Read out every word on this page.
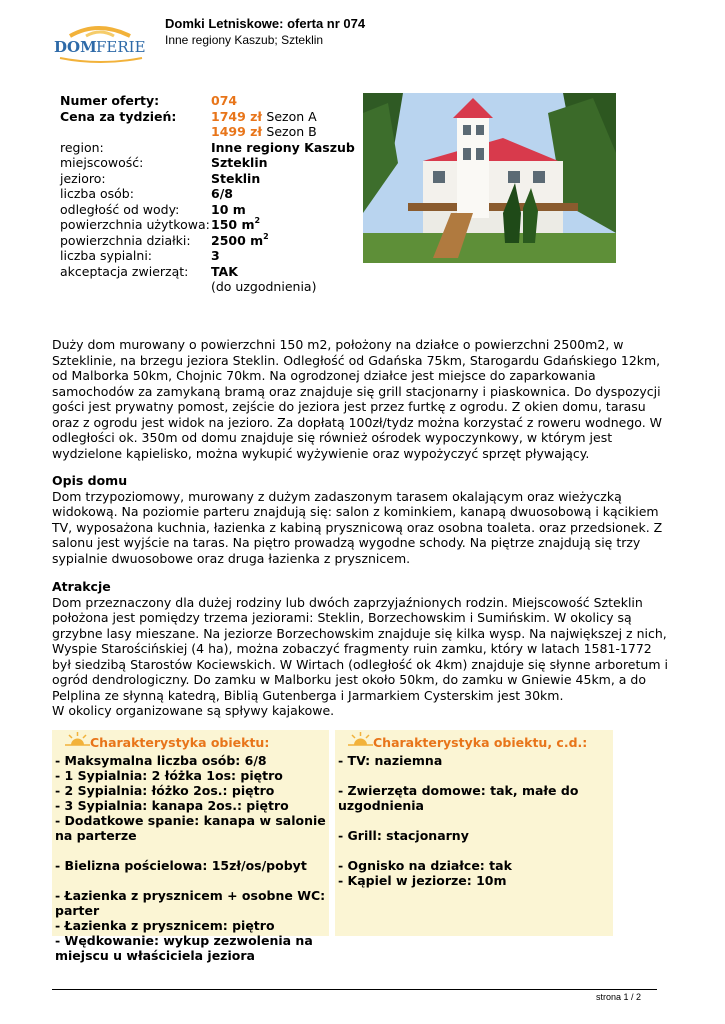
DOM FERIE
Domki Letniskowe: oferta nr 074
Inne regiony Kaszub; Szteklin
Numer oferty:	074
Cena za tydzień:	1749 zł Sezon A
1499 zł Sezon B
region:	Inne regiony Kaszub
miejscowość:	Szteklin
jezioro:	Steklin
liczba osób:	6/8
odległość od wody:	10 m
powierzchnia użytkowa: 150 $m^2$
powierzchnia działki: 2500 $m^2$
liczba sypialni:	3
akceptacja zwierząt: TAK
(do uzgodnienia)
Duży dom murowany o powierzchni 150 m2, położony na działce o powierzchni 2500m2, w Szteklinie, na brzegu jeziora Steklin. Odległość od Gdańska 75km, Starogardu Gdańskiego 12km, od Malborka 50km, Chojnic 70km. Na ogrodzonej działce jest miejsce do zaparkowania samochodów za zamykaną bramą oraz znajduje się grill stacjonarny i piaskownica. Do dyspozycji gości jest prywatny pomost, zejście do jeziora jest przez furtkę z ogrodu. Z okien domu, tarasu oraz z ogrodu jest widok na jezioro. Za dopłatą 100zł/tydz można korzystać z roweru wodnego. W odległości ok. 350m od domu znajduje się również ośrodek wypoczynkowy, w którym jest wydzielone kąpielisko, można wykupić wyżywienie oraz wypożyczyć sprzęt pływający.

Opis domu

Dom trzypoziomowy, murowany z dużym zadaszonym tarasem okalającym oraz wieżyczką widokową. Na poziomie parteru znajdują się: salon z kominkiem, kanapą dwuosobową i kącikiem TV, wyposażona kuchnia, łazienka z kabiną prysznicową oraz osobna toaleta. oraz przedsionek. Z salonu jest wyjście na taras. Na piętro prowadzą wygodne schody. Na piętrze znajdują się trzy sypialnie dwuosobowe oraz druga łazienka z prysznicem.

Atrakcje

Dom przeznaczony dla dużej rodziny lub dwóch zaprzyjaźnionych rodzin. Miejscowość Szteklin położona jest pomiędzy trzema jeziorami: Steklin, Borzechowskim i Sumińskim. W okolicy są grzybne lasy mieszane. Na jeziorze Borzechowskim znajduje się kilka wysp. Na największej z nich, Wyspie Starościńskiej (4 ha), można zobaczyć fragmenty ruin zamku, który w latach 1581-1772 był siedzibą Starostów Kociewskich. W Wirtach (odległość ok 4km) znajduje się słynne arboretum i ogród dendrologiczny. Do zamku w Malborku jest około 50km, do zamku w Gniewie 45km, a do Pelplina ze słynną katedrą, Biblią Gutenberga i Jarmarkiem Cysterskim jest 30km.

W okolicy organizowane są spływy kajakowe.

Charakterystyka obiektu:
- Maksymalna liczba osób: 6/8
- 1 Sypialnia: 2 łóżka 1os: piętro
- 2 Sypialnia: łóżko 2os.: piętro
- 3 Sypialnia: kanapa 2os.: piętro
- Dodatkowe spanie: kanapa w salonie na parterze
- Bielizna pościelowa: 15zł/os/pobyt
- Łazienka z prysznicem + osobne WC: parter
- Łazienka z prysznicem: piętro
- Wędkowanie: wykup zezwolenia na miejscu u właściciela jeziora
Charakterystyka obiektu, c.d.:
- TV: naziemna
- Zwierzęta domowe: tak, małe do uzgodnienia
- Grill: stacjonarny
- Ognisko na działce: tak
- Kąpiel w jeziorze: 10m
strona 1 / 2
